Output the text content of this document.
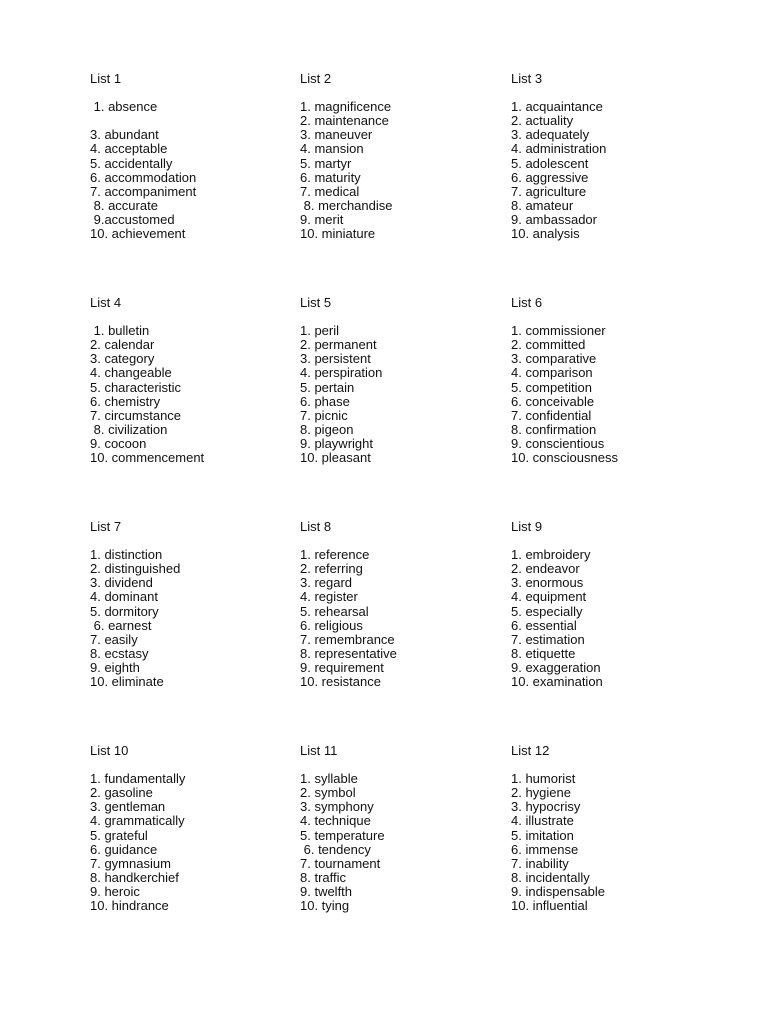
List 1
1. absence
3. abundant
4. acceptable
5. accidentally
6. accommodation
7. accompaniment
8. accurate
9.accustomed
10. achievement
List 2
1. magnificence
2. maintenance
3. maneuver
4. mansion
5. martyr
6. maturity
7. medical
8. merchandise
9. merit
10. miniature
List 3
1. acquaintance
2. actuality
3. adequately
4. administration
5. adolescent
6. aggressive
7. agriculture
8. amateur
9. ambassador
10. analysis
List 4
1. bulletin
2. calendar
3. category
4. changeable
5. characteristic
6. chemistry
7. circumstance
8. civilization
9. cocoon
10. commencement
List 5
1. peril
2. permanent
3. persistent
4. perspiration
5. pertain
6. phase
7. picnic
8. pigeon
9. playwright
10. pleasant
List 6
1. commissioner
2. committed
3. comparative
4. comparison
5. competition
6. conceivable
7. confidential
8. confirmation
9. conscientious
10. consciousness
List 7
1. distinction
2. distinguished
3. dividend
4. dominant
5. dormitory
6. earnest
7. easily
8. ecstasy
9. eighth
10. eliminate
List 8
1. reference
2. referring
3. regard
4. register
5. rehearsal
6. religious
7. remembrance
8. representative
9. requirement
10. resistance
List 9
1. embroidery
2. endeavor
3. enormous
4. equipment
5. especially
6. essential
7. estimation
8. etiquette
9. exaggeration
10. examination
List 10
1. fundamentally
2. gasoline
3. gentleman
4. grammatically
5. grateful
6. guidance
7. gymnasium
8. handkerchief
9. heroic
10. hindrance
List 11
1. syllable
2. symbol
3. symphony
4. technique
5. temperature
6. tendency
7. tournament
8. traffic
9. twelfth
10. tying
List 12
1. humorist
2. hygiene
3. hypocrisy
4. illustrate
5. imitation
6. immense
7. inability
8. incidentally
9. indispensable
10. influential
